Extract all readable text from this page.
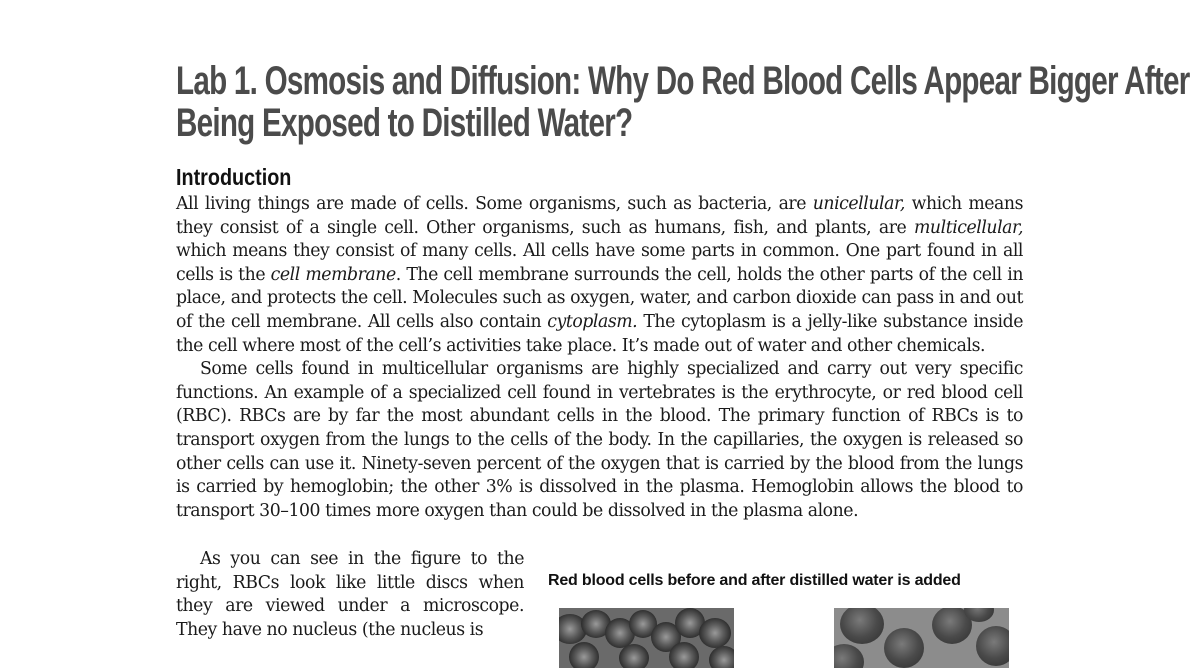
Lab 1. Osmosis and Diffusion: Why Do Red Blood Cells Appear Bigger After
Being Exposed to Distilled Water?
Introduction

All living things are made of cells. Some organisms, such as bacteria, are unicellular, which means they consist of a single cell. Other organisms, such as humans, fish, and plants, are multicellular, which means they consist of many cells. All cells have some parts in common. One part found in all cells is the cell membrane. The cell membrane surrounds the cell, holds the other parts of the cell in place, and protects the cell. Molecules such as oxygen, water, and carbon dioxide can pass in and out of the cell membrane. All cells also contain cytoplasm. The cytoplasm is a jelly-like substance inside the cell where most of the cell’s activities take place. It’s made out of water and other chemicals.

Some cells found in multicellular organisms are highly specialized and carry out very specific functions. An example of a specialized cell found in vertebrates is the erythrocyte, or red blood cell (RBC). RBCs are by far the most abundant cells in the blood. The primary function of RBCs is to transport oxygen from the lungs to the cells of the body. In the capillaries, the oxygen is released so other cells can use it. Ninety-seven percent of the oxygen that is carried by the blood from the lungs is carried by hemoglobin; the other 3% is dissolved in the plasma. Hemoglobin allows the blood to transport 30–100 times more oxygen than could be dissolved in the plasma alone.

As you can see in the figure to the right, RBCs look like little discs when they are viewed under a microscope. They have no nucleus (the nucleus is

Red blood cells before and after distilled water is added
